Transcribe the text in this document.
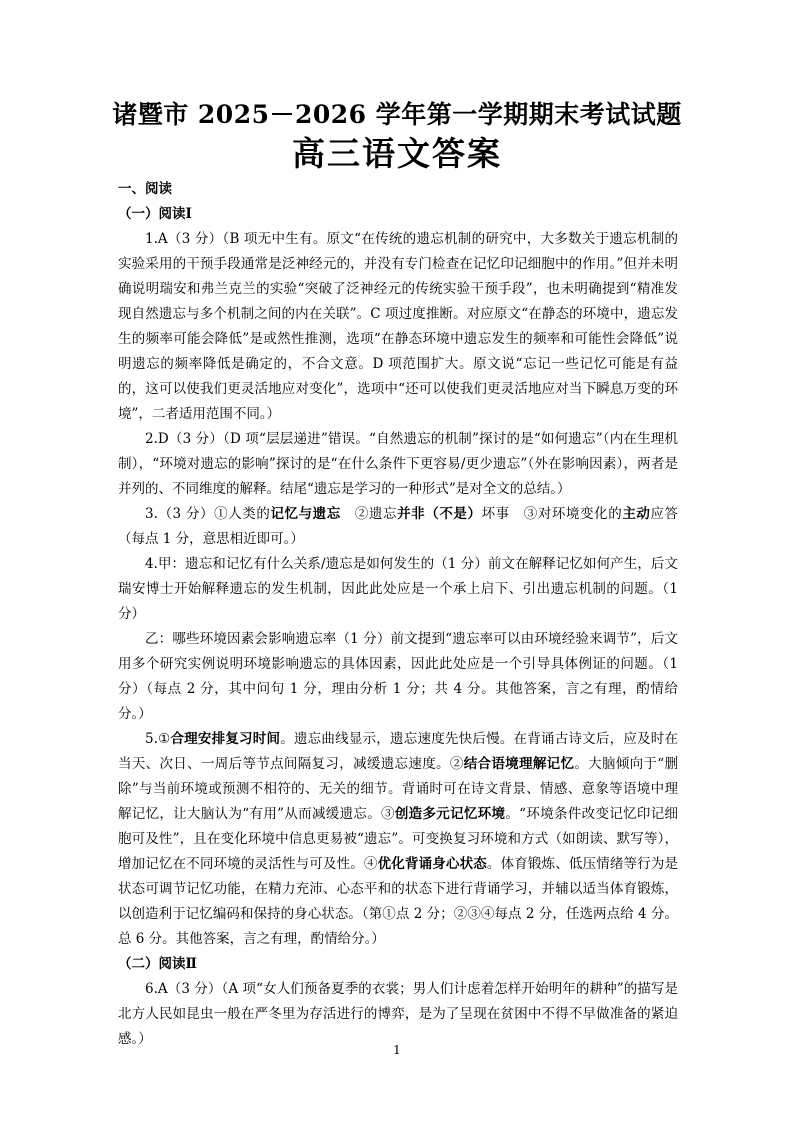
诸暨市 2025－2026 学年第一学期期末考试试题
高三语文答案

一、阅读

（一）阅读Ⅰ

1.A（3 分）（B 项无中生有。原文“在传统的遗忘机制的研究中，大多数关于遗忘机制的实验采用的干预手段通常是泛神经元的，并没有专门检查在记忆印记细胞中的作用。”但并未明确说明瑞安和弗兰克兰的实验“突破了泛神经元的传统实验干预手段”，也未明确提到“精准发现自然遗忘与多个机制之间的内在关联”。C 项过度推断。对应原文“在静态的环境中，遗忘发生的频率可能会降低”是或然性推测，选项“在静态环境中遗忘发生的频率和可能性会降低”说明遗忘的频率降低是确定的，不合文意。D 项范围扩大。原文说“忘记一些记忆可能是有益的，这可以使我们更灵活地应对变化”，选项中“还可以使我们更灵活地应对当下瞬息万变的环境”，二者适用范围不同。）

2.D（3 分）（D 项“层层递进”错误。“自然遗忘的机制”探讨的是“如何遗忘”（内在生理机制），“环境对遗忘的影响”探讨的是“在什么条件下更容易/更少遗忘”（外在影响因素），两者是并列的、不同维度的解释。结尾“遗忘是学习的一种形式”是对全文的总结。）

3.（3 分）①人类的记忆与遗忘　②遗忘并非（不是）坏事　③对环境变化的主动应答（每点 1 分，意思相近即可。）

4.甲：遗忘和记忆有什么关系/遗忘是如何发生的（1 分）前文在解释记忆如何产生，后文瑞安博士开始解释遗忘的发生机制，因此此处应是一个承上启下、引出遗忘机制的问题。（1 分）

乙：哪些环境因素会影响遗忘率（1 分）前文提到“遗忘率可以由环境经验来调节”，后文用多个研究实例说明环境影响遗忘的具体因素，因此此处应是一个引导具体例证的问题。（1 分）（每点 2 分，其中问句 1 分，理由分析 1 分；共 4 分。其他答案，言之有理，酌情给分。）

5.①合理安排复习时间。遗忘曲线显示，遗忘速度先快后慢。在背诵古诗文后，应及时在当天、次日、一周后等节点间隔复习，减缓遗忘速度。②结合语境理解记忆。大脑倾向于“删除”与当前环境或预测不相符的、无关的细节。背诵时可在诗文背景、情感、意象等语境中理解记忆，让大脑认为“有用”从而减缓遗忘。③创造多元记忆环境。“环境条件改变记忆印记细胞可及性”，且在变化环境中信息更易被“遗忘”。可变换复习环境和方式（如朗读、默写等），增加记忆在不同环境的灵活性与可及性。④优化背诵身心状态。体育锻炼、低压情绪等行为是状态可调节记忆功能，在精力充沛、心态平和的状态下进行背诵学习，并辅以适当体育锻炼，以创造利于记忆编码和保持的身心状态。（第①点 2 分；②③④每点 2 分，任选两点给 4 分。总 6 分。其他答案，言之有理，酌情给分。）

（二）阅读Ⅱ

6.A（3 分）（A 项“女人们预备夏季的衣裳；男人们计虑着怎样开始明年的耕种”的描写是北方人民如昆虫一般在严冬里为存活进行的博弈，是为了呈现在贫困中不得不早做准备的紧迫感。）

1
